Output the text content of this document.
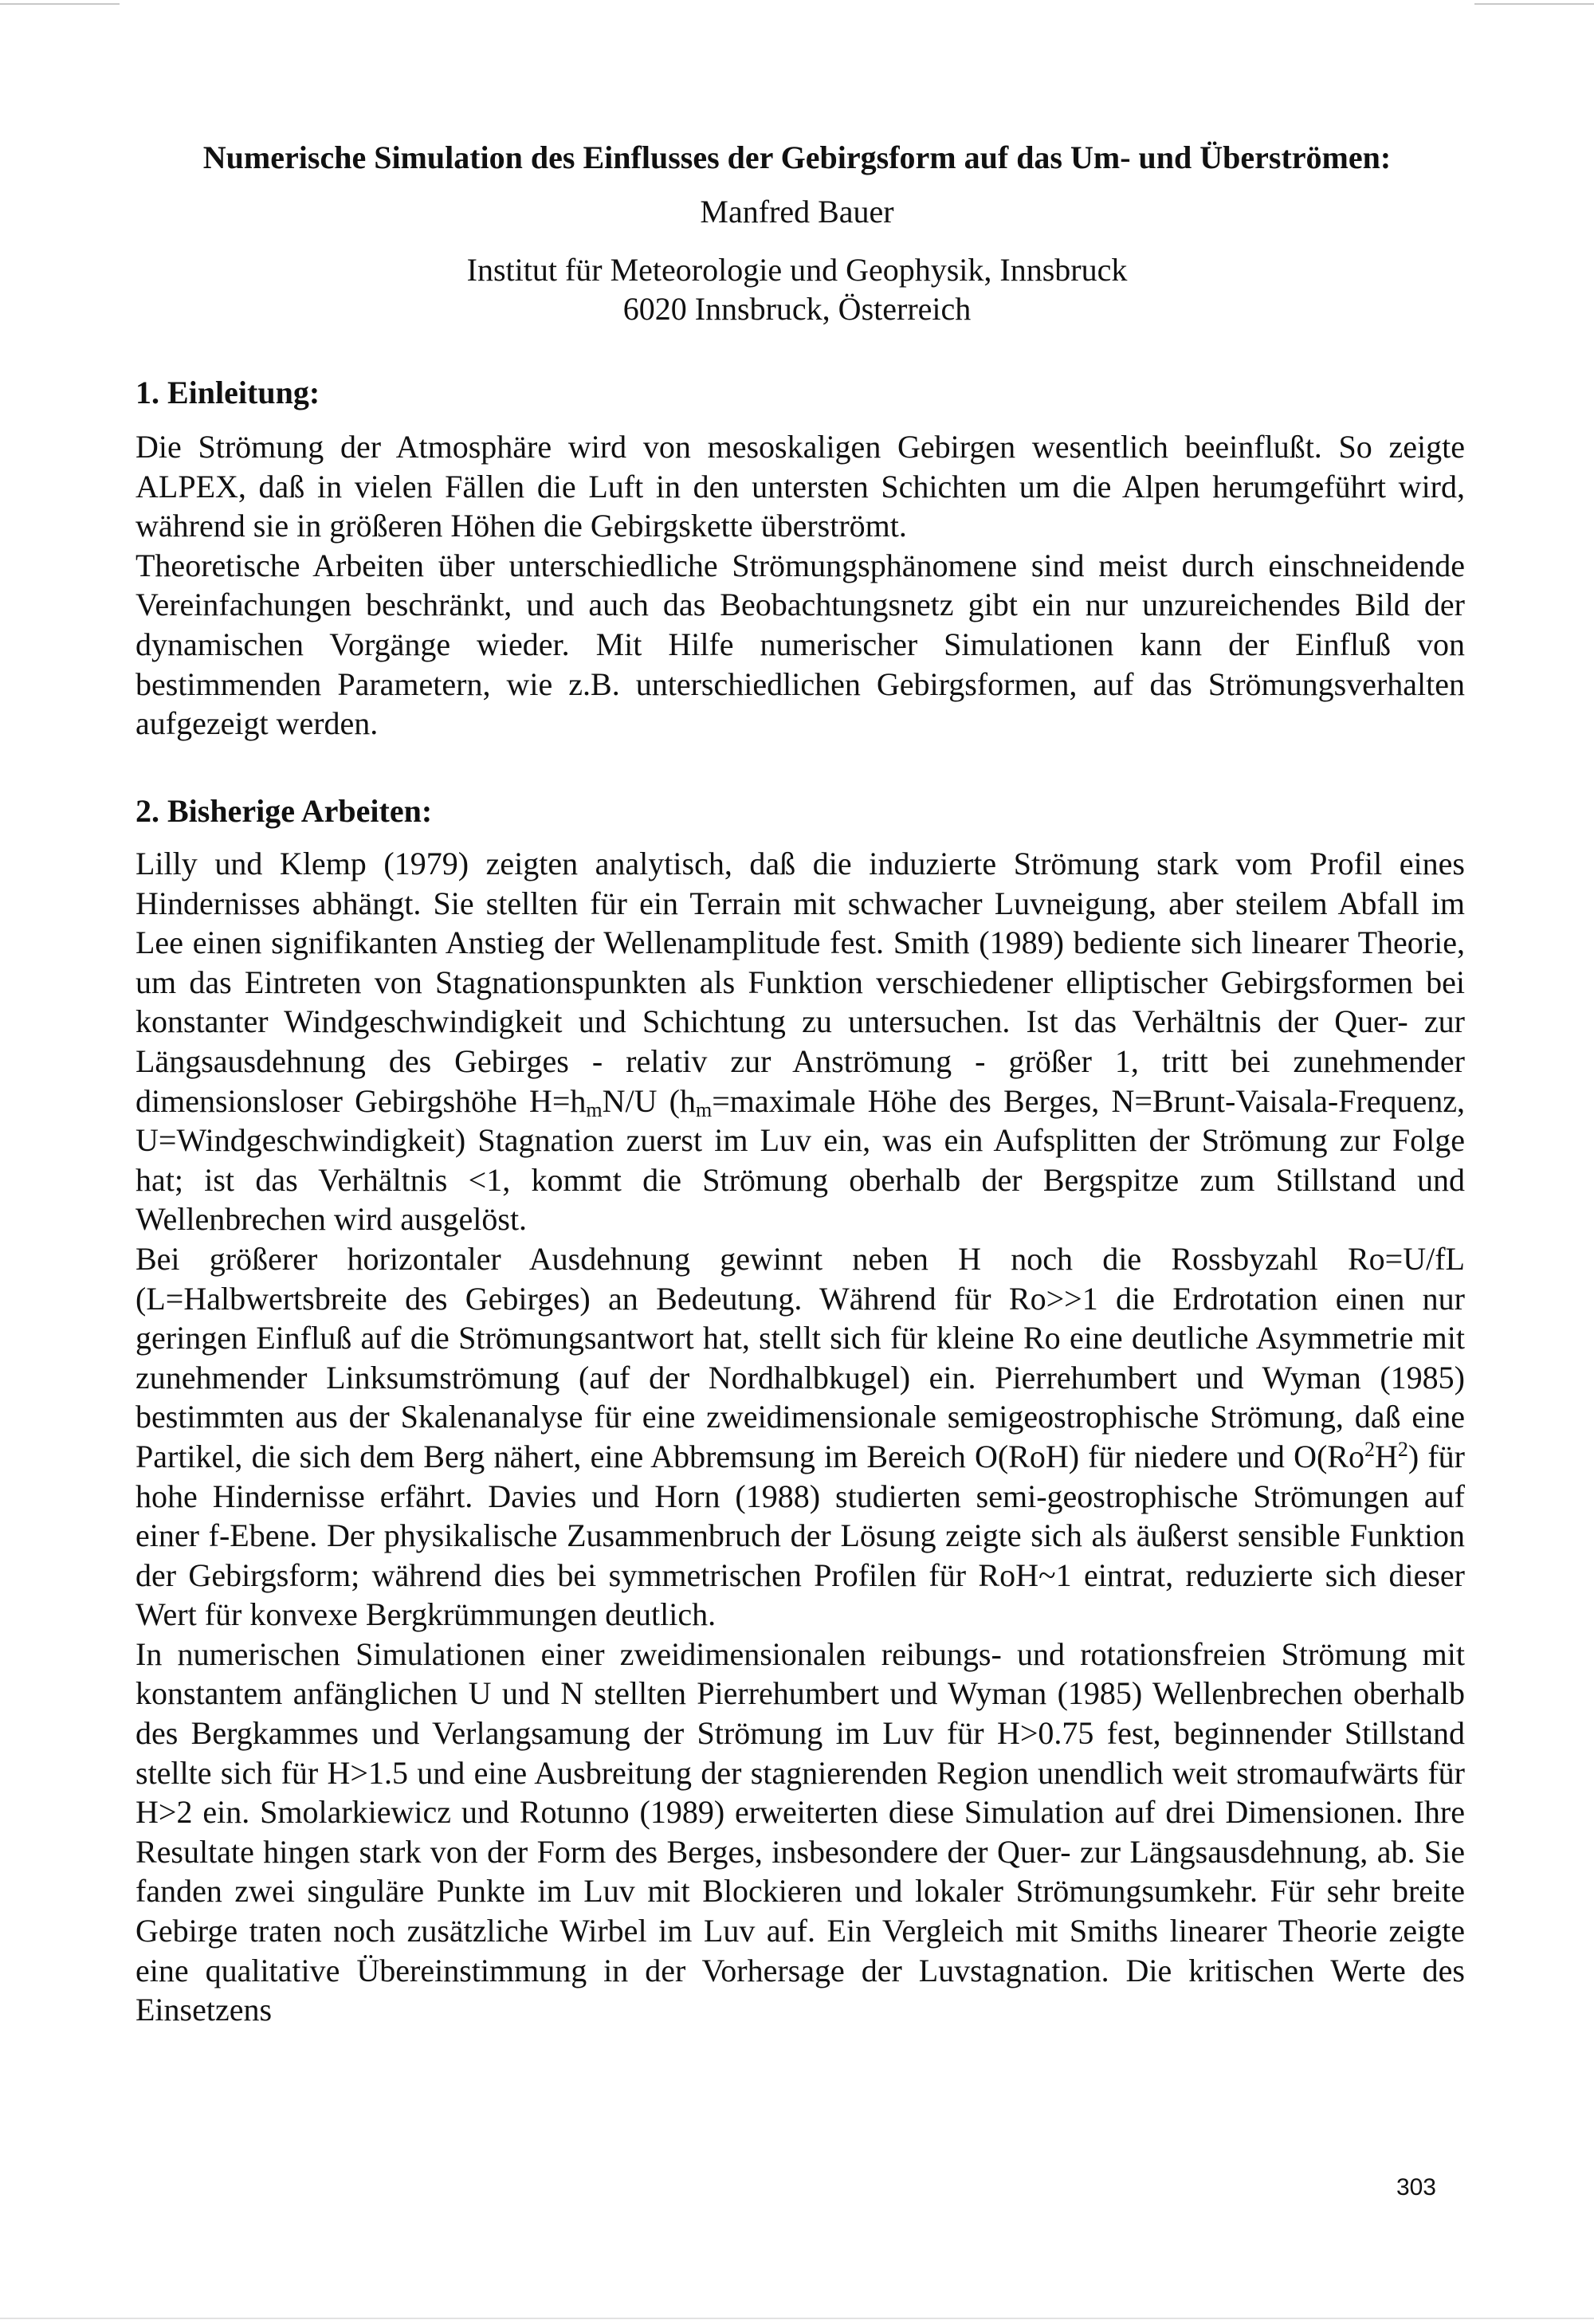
Numerische Simulation des Einflusses der Gebirgsform auf das Um- und Überströmen:
Manfred Bauer
Institut für Meteorologie und Geophysik, Innsbruck
6020 Innsbruck, Österreich
1. Einleitung:

Die Strömung der Atmosphäre wird von mesoskaligen Gebirgen wesentlich beeinflußt. So zeigte ALPEX, daß in vielen Fällen die Luft in den untersten Schichten um die Alpen herumgeführt wird, während sie in größeren Höhen die Gebirgskette überströmt.

Theoretische Arbeiten über unterschiedliche Strömungsphänomene sind meist durch einschneidende Vereinfachungen beschränkt, und auch das Beobachtungsnetz gibt ein nur unzureichendes Bild der dynamischen Vorgänge wieder. Mit Hilfe numerischer Simulationen kann der Einfluß von bestimmenden Parametern, wie z.B. unterschiedlichen Gebirgsformen, auf das Strömungsverhalten aufgezeigt werden.

2. Bisherige Arbeiten:

Lilly und Klemp (1979) zeigten analytisch, daß die induzierte Strömung stark vom Profil eines Hindernisses abhängt. Sie stellten für ein Terrain mit schwacher Luvneigung, aber steilem Abfall im Lee einen signifikanten Anstieg der Wellenamplitude fest. Smith (1989) bediente sich linearer Theorie, um das Eintreten von Stagnationspunkten als Funktion verschiedener elliptischer Gebirgsformen bei konstanter Windgeschwindigkeit und Schichtung zu untersuchen. Ist das Verhältnis der Quer- zur Längsausdehnung des Gebirges - relativ zur Anströmung - größer 1, tritt bei zunehmender dimensionsloser Gebirgshöhe $H=h_mN/U$ ($h_m=maximale$ Höhe des Berges, N=Brunt-Vaisala-Frequenz, U=Windgeschwindigkeit) Stagnation zuerst im Luv ein, was ein Aufsplitten der Strömung zur Folge hat; ist das Verhältnis <1, kommt die Strömung oberhalb der Bergspitze zum Stillstand und Wellenbrechen wird ausgelöst.

Bei größerer horizontaler Ausdehnung gewinnt neben H noch die Rossbyzahl Ro=U/fL (L=Halbwertsbreite des Gebirges) an Bedeutung. Während für Ro>>1 die Erdrotation einen nur geringen Einfluß auf die Strömungsantwort hat, stellt sich für kleine Ro eine deutliche Asymmetrie mit zunehmender Linksumströmung (auf der Nordhalbkugel) ein. Pierrehumbert und Wyman (1985) bestimmten aus der Skalenanalyse für eine zweidimensionale semigeostrophische Strömung, daß eine Partikel, die sich dem Berg nähert, eine Abbremsung im Bereich O(RoH) für niedere und $O(Ro^2H^2)$ für hohe Hindernisse erfährt. Davies und Horn (1988) studierten semi-geostrophische Strömungen auf einer f-Ebene. Der physikalische Zusammenbruch der Lösung zeigte sich als äußerst sensible Funktion der Gebirgsform; während dies bei symmetrischen Profilen für RoH~1 eintrat, reduzierte sich dieser Wert für konvexe Bergkrümmungen deutlich.

In numerischen Simulationen einer zweidimensionalen reibungs- und rotationsfreien Strömung mit konstantem anfänglichen U und N stellten Pierrehumbert und Wyman (1985) Wellenbrechen oberhalb des Bergkammes und Verlangsamung der Strömung im Luv für H>0.75 fest, beginnender Stillstand stellte sich für H>1.5 und eine Ausbreitung der stagnierenden Region unendlich weit stromaufwärts für H>2 ein. Smolarkiewicz und Rotunno (1989) erweiterten diese Simulation auf drei Dimensionen. Ihre Resultate hingen stark von der Form des Berges, insbesondere der Quer- zur Längsausdehnung, ab. Sie fanden zwei singuläre Punkte im Luv mit Blockieren und lokaler Strömungsumkehr. Für sehr breite Gebirge traten noch zusätzliche Wirbel im Luv auf. Ein Vergleich mit Smiths linearer Theorie zeigte eine qualitative Übereinstimmung in der Vorhersage der Luvstagnation. Die kritischen Werte des Einsetzens

303
